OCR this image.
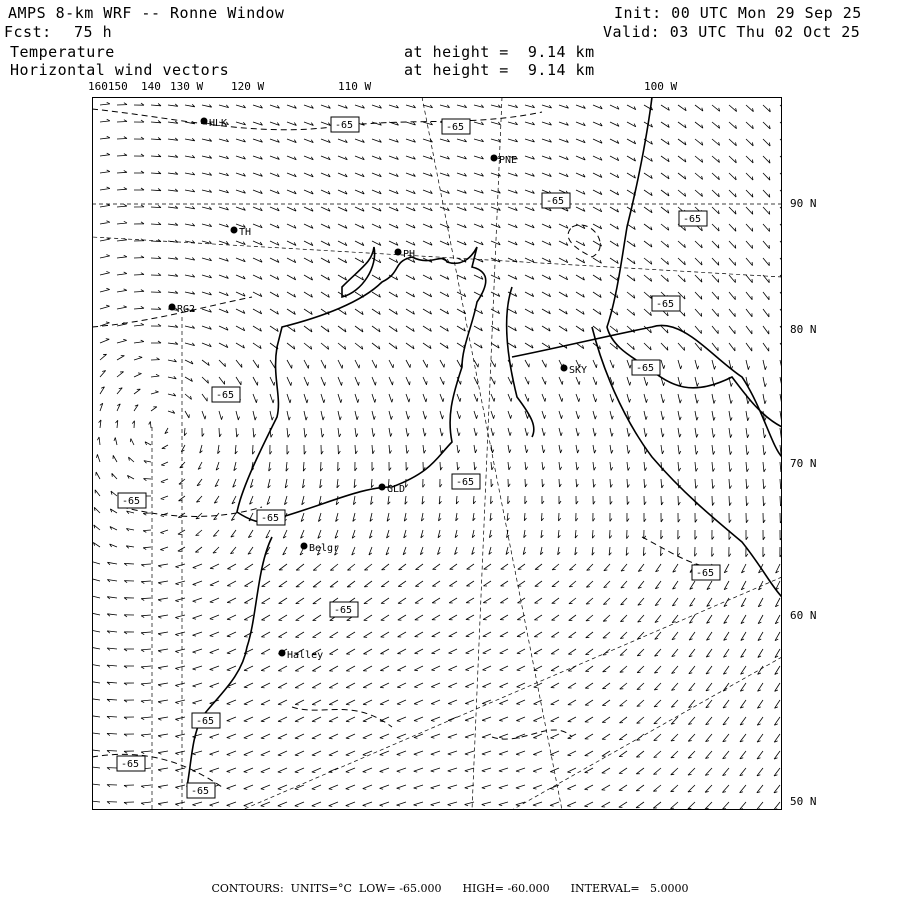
AMPS 8-km WRF -- Ronne Window
Fcst: 75 h
Init: 00 UTC Mon 29 Sep 25
Valid: 03 UTC Thu 02 Oct 25
Temperature
Horizontal wind vectors
at height =  9.14 km
at height =  9.14 km
160150 140 130 W	120 W	110 W	100 W
90 N
80 N
70 N
60 N
50 N
HLK
PNE
TH
PH
RG2
SKY
GLD
Belgr
Halley
-65	-65
-65
-65
-65
-65
-65
-65
-65
-65
-65
-65
-65
-65
-65
CONTOURS:  UNITS=°C  LOW= -65.000      HIGH= -60.000      INTERVAL=   5.0000
